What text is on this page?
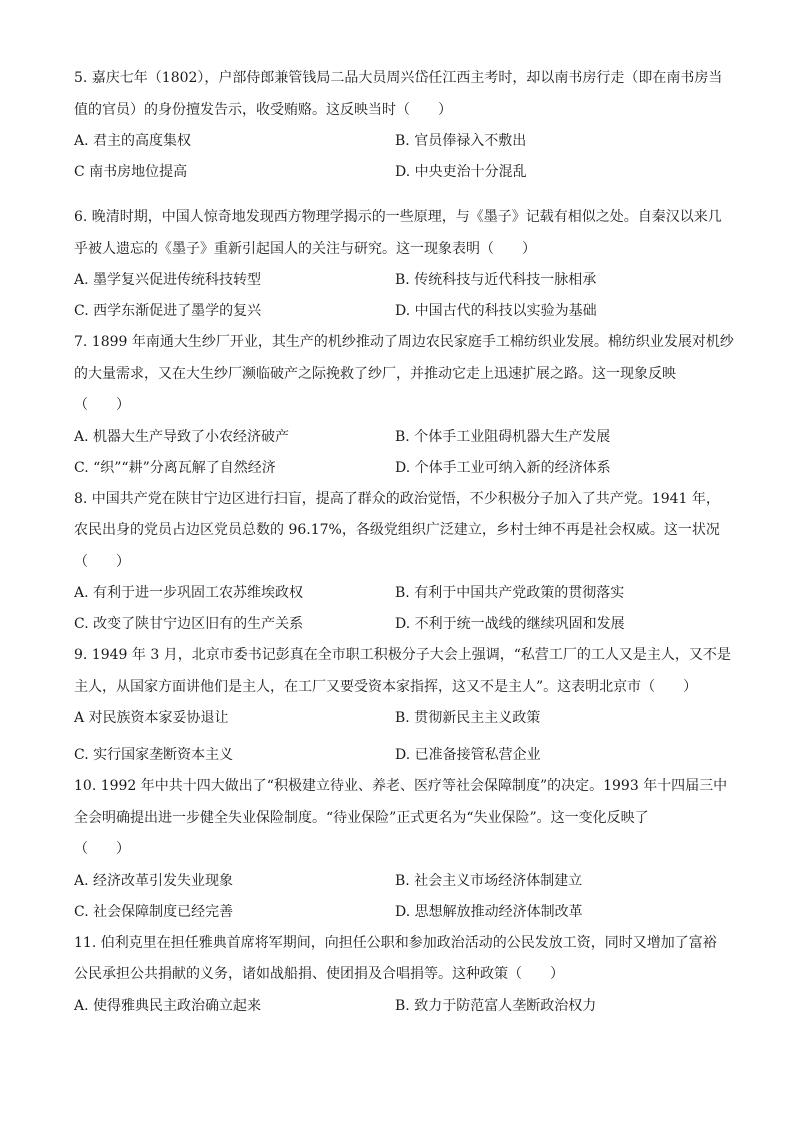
5. 嘉庆七年（1802），户部侍郎兼管钱局二品大员周兴岱任江西主考时，却以南书房行走（即在南书房当
值的官员）的身份擅发告示，收受贿赂。这反映当时（　　）

A. 君主的高度集权	B. 官员俸禄入不敷出
C 南书房地位提高	D. 中央吏治十分混乱

6. 晚清时期，中国人惊奇地发现西方物理学揭示的一些原理，与《墨子》记载有相似之处。自秦汉以来几
乎被人遗忘的《墨子》重新引起国人的关注与研究。这一现象表明（　　）

A. 墨学复兴促进传统科技转型	B. 传统科技与近代科技一脉相承
C. 西学东渐促进了墨学的复兴	D. 中国古代的科技以实验为基础

7. 1899 年南通大生纱厂开业，其生产的机纱推动了周边农民家庭手工棉纺织业发展。棉纺织业发展对机纱
的大量需求，又在大生纱厂濒临破产之际挽救了纱厂，并推动它走上迅速扩展之路。这一现象反映
（　　）

A. 机器大生产导致了小农经济破产	B. 个体手工业阻碍机器大生产发展
C. “织”“耕”分离瓦解了自然经济	D. 个体手工业可纳入新的经济体系

8. 中国共产党在陕甘宁边区进行扫盲，提高了群众的政治觉悟，不少积极分子加入了共产党。1941 年，
农民出身的党员占边区党员总数的 96.17%，各级党组织广泛建立，乡村士绅不再是社会权威。这一状况
（　　）

A. 有利于进一步巩固工农苏维埃政权	B. 有利于中国共产党政策的贯彻落实
C. 改变了陕甘宁边区旧有的生产关系	D. 不利于统一战线的继续巩固和发展

9. 1949 年 3 月，北京市委书记彭真在全市职工积极分子大会上强调，“私营工厂的工人又是主人，又不是
主人，从国家方面讲他们是主人，在工厂又要受资本家指挥，这又不是主人”。这表明北京市（　　）

A 对民族资本家妥协退让	B. 贯彻新民主主义政策
C. 实行国家垄断资本主义	D. 已准备接管私营企业

10. 1992 年中共十四大做出了“积极建立待业、养老、医疗等社会保障制度”的决定。1993 年十四届三中
全会明确提出进一步健全失业保险制度。“待业保险”正式更名为“失业保险”。这一变化反映了
（　　）

A. 经济改革引发失业现象	B. 社会主义市场经济体制建立
C. 社会保障制度已经完善	D. 思想解放推动经济体制改革

11. 伯利克里在担任雅典首席将军期间，向担任公职和参加政治活动的公民发放工资，同时又增加了富裕
公民承担公共捐献的义务，诸如战船捐、使团捐及合唱捐等。这种政策（　　）

A. 使得雅典民主政治确立起来	B. 致力于防范富人垄断政治权力
